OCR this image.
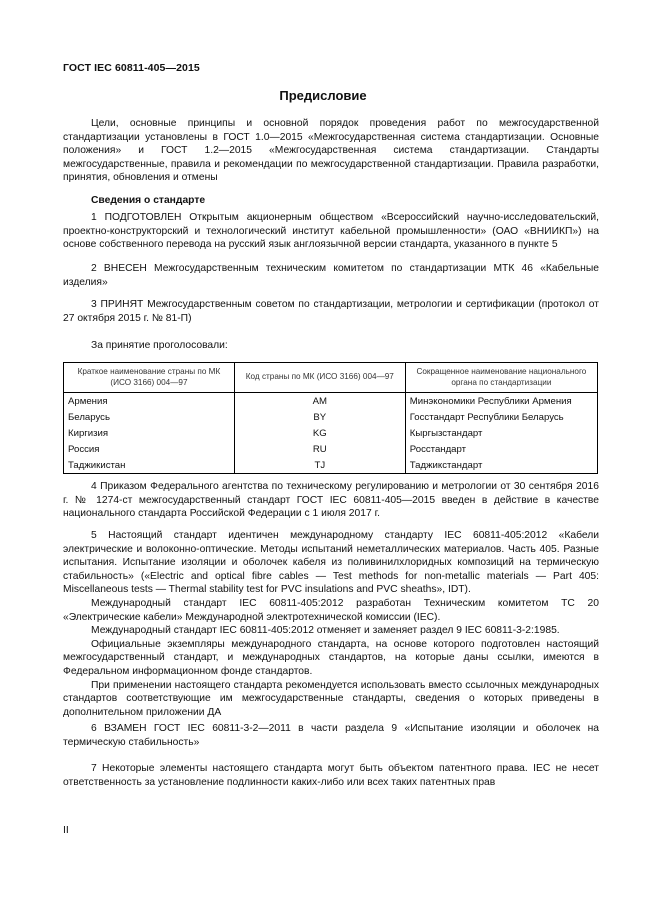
ГОСТ IEC 60811-405—2015
Предисловие

Цели, основные принципы и основной порядок проведения работ по межгосударственной стандартизации установлены в ГОСТ 1.0—2015 «Межгосударственная система стандартизации. Основные положения» и ГОСТ 1.2—2015 «Межгосударственная система стандартизации. Стандарты межгосударственные, правила и рекомендации по межгосударственной стандартизации. Правила разработки, принятия, обновления и отмены

Сведения о стандарте

1 ПОДГОТОВЛЕН Открытым акционерным обществом «Всероссийский научно-исследовательский, проектно-конструкторский и технологический институт кабельной промышленности» (ОАО «ВНИИКП») на основе собственного перевода на русский язык англоязычной версии стандарта, указанного в пункте 5

2 ВНЕСЕН Межгосударственным техническим комитетом по стандартизации МТК 46 «Кабельные изделия»

3 ПРИНЯТ Межгосударственным советом по стандартизации, метрологии и сертификации (протокол от 27 октября 2015 г. № 81-П)

За принятие проголосовали:

Краткое наименование страны по МК (ИСО 3166) 004—97	Код страны по МК (ИСО 3166) 004—97	Сокращенное наименование национального органа по стандартизации
Армения	AM	Минэкономики Республики Армения
Беларусь	BY	Госстандарт Республики Беларусь
Киргизия	KG	Кыргызстандарт
Россия	RU	Росстандарт
Таджикистан	TJ	Таджикстандарт

4 Приказом Федерального агентства по техническому регулированию и метрологии от 30 сентября 2016 г. № 1274-ст межгосударственный стандарт ГОСТ IEC 60811-405—2015 введен в действие в качестве национального стандарта Российской Федерации с 1 июля 2017 г.

5 Настоящий стандарт идентичен международному стандарту IEC 60811-405:2012 «Кабели электрические и волоконно-оптические. Методы испытаний неметаллических материалов. Часть 405. Разные испытания. Испытание изоляции и оболочек кабеля из поливинилхлоридных композиций на термическую стабильность» («Electric and optical fibre cables — Test methods for non-metallic materials — Part 405: Miscellaneous tests — Thermal stability test for PVC insulations and PVC sheaths», IDT).

Международный стандарт IEC 60811-405:2012 разработан Техническим комитетом ТС 20 «Электрические кабели» Международной электротехнической комиссии (IEC).

Международный стандарт IEC 60811-405:2012 отменяет и заменяет раздел 9 IEC 60811-3-2:1985.

Официальные экземпляры международного стандарта, на основе которого подготовлен настоящий межгосударственный стандарт, и международных стандартов, на которые даны ссылки, имеются в Федеральном информационном фонде стандартов.

При применении настоящего стандарта рекомендуется использовать вместо ссылочных международных стандартов соответствующие им межгосударственные стандарты, сведения о которых приведены в дополнительном приложении ДА

6 ВЗАМЕН ГОСТ IEC 60811-3-2—2011 в части раздела 9 «Испытание изоляции и оболочек на термическую стабильность»

7 Некоторые элементы настоящего стандарта могут быть объектом патентного права. IEC не несет ответственность за установление подлинности каких-либо или всех таких патентных прав

II
